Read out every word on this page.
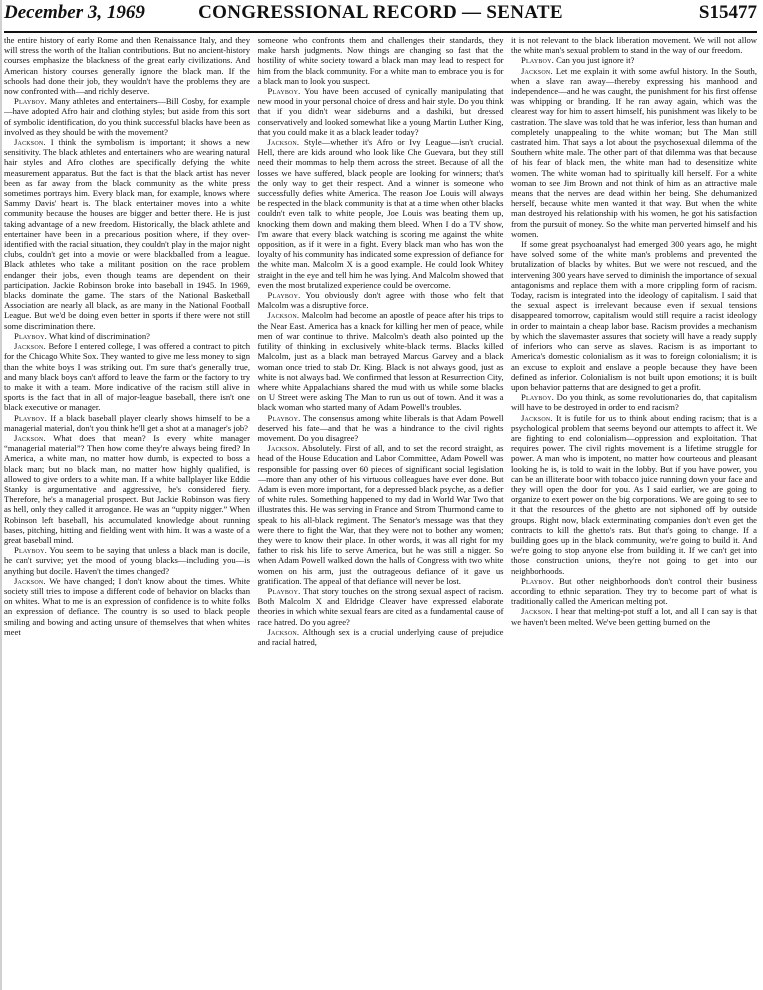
December 3, 1969	CONGRESSIONAL RECORD — SENATE	S15477

the entire history of early Rome and then Renaissance Italy, and they will stress the worth of the Italian contributions. But no ancient-history courses emphasize the blackness of the great early civilizations. And American history courses generally ignore the black man. If the schools had done their job, they wouldn't have the problems they are now confronted with—and richly deserve.

Playboy. Many athletes and entertainers—Bill Cosby, for example—have adopted Afro hair and clothing styles; but aside from this sort of symbolic identification, do you think successful blacks have been as involved as they should be with the movement?

Jackson. I think the symbolism is important; it shows a new sensitivity. The black athletes and entertainers who are wearing natural hair styles and Afro clothes are specifically defying the white measurement apparatus. But the fact is that the black artist has never been as far away from the black community as the white press sometimes portrays him. Every black man, for example, knows where Sammy Davis' heart is. The black entertainer moves into a white community because the houses are bigger and better there. He is just taking advantage of a new freedom. Historically, the black athlete and entertainer have been in a precarious position where, if they over-identified with the racial situation, they couldn't play in the major night clubs, couldn't get into a movie or were blackballed from a league. Black athletes who take a militant position on the race problem endanger their jobs, even though teams are dependent on their participation. Jackie Robinson broke into baseball in 1945. In 1969, blacks dominate the game. The stars of the National Basketball Association are nearly all black, as are many in the National Football League. But we'd be doing even better in sports if there were not still some discrimination there.

Playboy. What kind of discrimination?

Jackson. Before I entered college, I was offered a contract to pitch for the Chicago White Sox. They wanted to give me less money to sign than the white boys I was striking out. I'm sure that's generally true, and many black boys can't afford to leave the farm or the factory to try to make it with a team. More indicative of the racism still alive in sports is the fact that in all of major-league baseball, there isn't one black executive or manager.

Playboy. If a black baseball player clearly shows himself to be a managerial material, don't you think he'll get a shot at a manager's job?

Jackson. What does that mean? Is every white manager “managerial material”? Then how come they're always being fired? In America, a white man, no matter how dumb, is expected to boss a black man; but no black man, no matter how highly qualified, is allowed to give orders to a white man. If a white ballplayer like Eddie Stanky is argumentative and aggressive, he's considered fiery. Therefore, he's a managerial prospect. But Jackie Robinson was fiery as hell, only they called it arrogance. He was an “uppity nigger.” When Robinson left baseball, his accumulated knowledge about running bases, pitching, hitting and fielding went with him. It was a waste of a great baseball mind.

Playboy. You seem to be saying that unless a black man is docile, he can't survive; yet the mood of young blacks—including you—is anything but docile. Haven't the times changed?

Jackson. We have changed; I don't know about the times. White society still tries to impose a different code of behavior on blacks than on whites. What to me is an expression of confidence is to white folks an expression of defiance. The country is so used to black people smiling and bowing and acting unsure of themselves that when whites meet

someone who confronts them and challenges their standards, they make harsh judgments. Now things are changing so fast that the hostility of white society toward a black man may lead to respect for him from the black community. For a white man to embrace you is for a black man to look you suspect.

Playboy. You have been accused of cynically manipulating that new mood in your personal choice of dress and hair style. Do you think that if you didn't wear sideburns and a dashiki, but dressed conservatively and looked somewhat like a young Martin Luther King, that you could make it as a black leader today?

Jackson. Style—whether it's Afro or Ivy League—isn't crucial. Hell, there are kids around who look like Che Guevara, but they still need their mommas to help them across the street. Because of all the losses we have suffered, black people are looking for winners; that's the only way to get their respect. And a winner is someone who successfully defies white America. The reason Joe Louis will always be respected in the black community is that at a time when other blacks couldn't even talk to white people, Joe Louis was beating them up, knocking them down and making them bleed. When I do a TV show, I'm aware that every black watching is scoring me against the white opposition, as if it were in a fight. Every black man who has won the loyalty of his community has indicated some expression of defiance for the white man. Malcolm X is a good example. He could look Whitey straight in the eye and tell him he was lying. And Malcolm showed that even the most brutalized experience could be overcome.

Playboy. You obviously don't agree with those who felt that Malcolm was a disruptive force.

Jackson. Malcolm had become an apostle of peace after his trips to the Near East. America has a knack for killing her men of peace, while men of war continue to thrive. Malcolm's death also pointed up the futility of thinking in exclusively white-black terms. Blacks killed Malcolm, just as a black man betrayed Marcus Garvey and a black woman once tried to stab Dr. King. Black is not always good, just as white is not always bad. We confirmed that lesson at Resurrection City, where white Appalachians shared the mud with us while some blacks on U Street were asking The Man to run us out of town. And it was a black woman who started many of Adam Powell's troubles.

Playboy. The consensus among white liberals is that Adam Powell deserved his fate—and that he was a hindrance to the civil rights movement. Do you disagree?

Jackson. Absolutely. First of all, and to set the record straight, as head of the House Education and Labor Committee, Adam Powell was responsible for passing over 60 pieces of significant social legislation—more than any other of his virtuous colleagues have ever done. But Adam is even more important, for a depressed black psyche, as a defier of white rules. Something happened to my dad in World War Two that illustrates this. He was serving in France and Strom Thurmond came to speak to his all-black regiment. The Senator's message was that they were there to fight the War, that they were not to bother any women; they were to know their place. In other words, it was all right for my father to risk his life to serve America, but he was still a nigger. So when Adam Powell walked down the halls of Congress with two white women on his arm, just the outrageous defiance of it gave us gratification. The appeal of that defiance will never be lost.

Playboy. That story touches on the strong sexual aspect of racism. Both Malcolm X and Eldridge Cleaver have expressed elaborate theories in which white sexual fears are cited as a fundamental cause of race hatred. Do you agree?

Jackson. Although sex is a crucial underlying cause of prejudice and racial hatred,

it is not relevant to the black liberation movement. We will not allow the white man's sexual problem to stand in the way of our freedom.

Playboy. Can you just ignore it?

Jackson. Let me explain it with some awful history. In the South, when a slave ran away—thereby expressing his manhood and independence—and he was caught, the punishment for his first offense was whipping or branding. If he ran away again, which was the clearest way for him to assert himself, his punishment was likely to be castration. The slave was told that he was inferior, less than human and completely unappealing to the white woman; but The Man still castrated him. That says a lot about the psychosexual dilemma of the Southern white male. The other part of that dilemma was that because of his fear of black men, the white man had to desensitize white women. The white woman had to spiritually kill herself. For a white woman to see Jim Brown and not think of him as an attractive male means that the nerves are dead within her being. She dehumanized herself, because white men wanted it that way. But when the white man destroyed his relationship with his women, he got his satisfaction from the pursuit of money. So the white man perverted himself and his women.

If some great psychoanalyst had emerged 300 years ago, he might have solved some of the white man's problems and prevented the brutalization of blacks by whites. But we were not rescued, and the intervening 300 years have served to diminish the importance of sexual antagonisms and replace them with a more crippling form of racism. Today, racism is integrated into the ideology of capitalism. I said that the sexual aspect is irrelevant because even if sexual tensions disappeared tomorrow, capitalism would still require a racist ideology in order to maintain a cheap labor base. Racism provides a mechanism by which the slavemaster assures that society will have a ready supply of inferiors who can serve as slaves. Racism is as important to America's domestic colonialism as it was to foreign colonialism; it is an excuse to exploit and enslave a people because they have been defined as inferior. Colonialism is not built upon emotions; it is built upon behavior patterns that are designed to get a profit.

Playboy. Do you think, as some revolutionaries do, that capitalism will have to be destroyed in order to end racism?

Jackson. It is futile for us to think about ending racism; that is a psychological problem that seems beyond our attempts to affect it. We are fighting to end colonialism—oppression and exploitation. That requires power. The civil rights movement is a lifetime struggle for power. A man who is impotent, no matter how courteous and pleasant looking he is, is told to wait in the lobby. But if you have power, you can be an illiterate boor with tobacco juice running down your face and they will open the door for you. As I said earlier, we are going to organize to exert power on the big corporations. We are going to see to it that the resources of the ghetto are not siphoned off by outside groups. Right now, black exterminating companies don't even get the contracts to kill the ghetto's rats. But that's going to change. If a building goes up in the black community, we're going to build it. And we're going to stop anyone else from building it. If we can't get into those construction unions, they're not going to get into our neighborhoods.

Playboy. But other neighborhoods don't control their business according to ethnic separation. They try to become part of what is traditionally called the American melting pot.

Jackson. I hear that melting-pot stuff a lot, and all I can say is that we haven't been melted. We've been getting burned on the
